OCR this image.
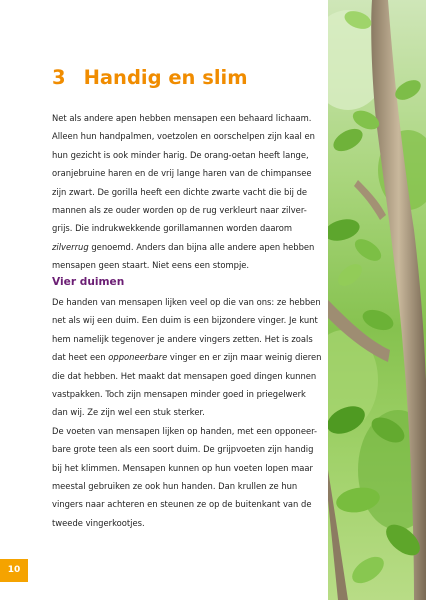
3 Handig en slim
Net als andere apen hebben mensapen een behaard lichaam.
Alleen hun handpalmen, voetzolen en oorschelpen zijn kaal en
hun gezicht is ook minder harig. De orang-oetan heeft lange,
oranjebruine haren en de vrij lange haren van de chimpansee
zijn zwart. De gorilla heeft een dichte zwarte vacht die bij de
mannen als ze ouder worden op de rug verkleurt naar zilver-
grijs. Die indrukwekkende gorillamannen worden daarom
zilverrug genoemd. Anders dan bijna alle andere apen hebben
mensapen geen staart. Niet eens een stompje.
Vier duimen
De handen van mensapen lijken veel op die van ons: ze hebben
net als wij een duim. Een duim is een bijzondere vinger. Je kunt
hem namelijk tegenover je andere vingers zetten. Het is zoals
dat heet een opponeerbare vinger en er zijn maar weinig dieren
die dat hebben. Het maakt dat mensapen goed dingen kunnen
vastpakken. Toch zijn mensapen minder goed in priegelwerk
dan wij. Ze zijn wel een stuk sterker.
De voeten van mensapen lijken op handen, met een opponeer-
bare grote teen als een soort duim. De grijpvoeten zijn handig
bij het klimmen. Mensapen kunnen op hun voeten lopen maar
meestal gebruiken ze ook hun handen. Dan krullen ze hun
vingers naar achteren en steunen ze op de buitenkant van de
tweede vingerkootjes.
10
